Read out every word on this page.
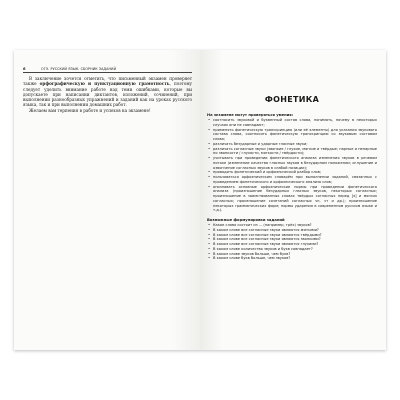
6	ОГЭ. РУССКИЙ ЯЗЫК. СБОРНИК ЗАДАНИЙ

В заключение хочется отметить, что письменный экзамен проверяет также орфографическую и пунктуационную грамотность, поэтому следует уделить внимание работе над теми ошибками, которые вы допускаете при написании диктантов, изложений, сочинений, при выполнении разнообразных упражнений и заданий как на уроках русского языка, так и при выполнении домашних работ.

Желаем вам терпения в работе и успехов на экзамене!

ФОНЕТИКА
На экзамене могут проверяться умения:
• соотносить звуковой и буквенный состав слова, понимать, почему в некоторых случаях они не совпадают;
• применять фонетическую транскрипцию (или её элементы) для указания звукового состава слова, соотносить фонетическую транскрипцию со звуковым составом слова;
• различать безударные и ударные гласные звуки;
• различать согласные звуки (звонкие / глухие, мягкие и твёрдые; парные и непарные по звонкости / глухости, мягкости / твёрдости);
• учитывать при проведении фонетического анализа изменения звуков в речевом потоке (изменение качества гласных звуков в безударном положении; оглушение и озвончение согласных звуков в слабой позиции);
• проводить фонетический и орфоэпический разбор слов;
• пользоваться орфоэпическим словарём при выполнении заданий, связанных с проведением фонетического и орфоэпического анализа слов;
• опознавать основные орфоэпические нормы при проведении фонетического анализа (произношение безударных гласных звуков, некоторых согласных; произношение в заимствованных словах твёрдых согласных перед [э] и мягких согласных; произношение сочетаний согласных чн, чт и др.); произношение некоторых грамматических форм; нормы ударения в современном русском языке и т.д.).
Возможные формулировки заданий
• Какое слово состоит из ... (например, трёх) звуков?
• В каком слове все согласные звуки являются мягкими?
• В каком слове все согласные звуки являются твёрдыми?
• В каком слове все согласные звуки являются звонкими?
• В каком слове все согласные звуки являются глухими?
• В каком слове количество звуков и букв совпадает?
• В каком слове звуков больше, чем букв?
• В каком слове букв больше, чем звуков?
